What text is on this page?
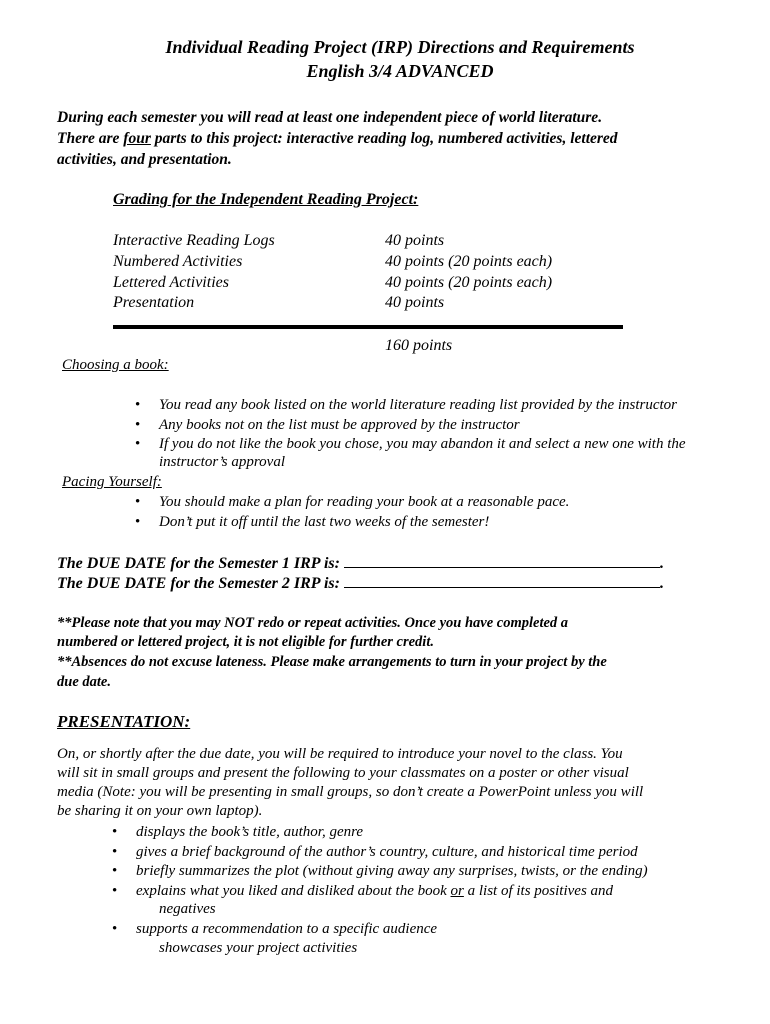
Individual Reading Project (IRP) Directions and Requirements
English 3/4 ADVANCED
During each semester you will read at least one independent piece of world literature.
There are four parts to this project: interactive reading log, numbered activities, lettered
activities, and presentation.
Grading for the Independent Reading Project:
Interactive Reading Logs	40 points
Numbered Activities	40 points (20 points each)
Lettered Activities	40 points (20 points each)
Presentation	40 points
160 points
Choosing a book:
• You read any book listed on the world literature reading list provided by the instructor
• Any books not on the list must be approved by the instructor
• If you do not like the book you chose, you may abandon it and select a new one with the
instructor’s approval
Pacing Yourself:
• You should make a plan for reading your book at a reasonable pace.
• Don’t put it off until the last two weeks of the semester!
The DUE DATE for the Semester 1 IRP is:	.
The DUE DATE for the Semester 2 IRP is:	.
**Please note that you may NOT redo or repeat activities. Once you have completed a
numbered or lettered project, it is not eligible for further credit.
**Absences do not excuse lateness. Please make arrangements to turn in your project by the
due date.
PRESENTATION:
On, or shortly after the due date, you will be required to introduce your novel to the class. You
will sit in small groups and present the following to your classmates on a poster or other visual
media (Note: you will be presenting in small groups, so don’t create a PowerPoint unless you will
be sharing it on your own laptop).
• displays the book’s title, author, genre
• gives a brief background of the author’s country, culture, and historical time period
• briefly summarizes the plot (without giving away any surprises, twists, or the ending)
• explains what you liked and disliked about the book or a list of its positives and
negatives
• supports a recommendation to a specific audience
showcases your project activities
